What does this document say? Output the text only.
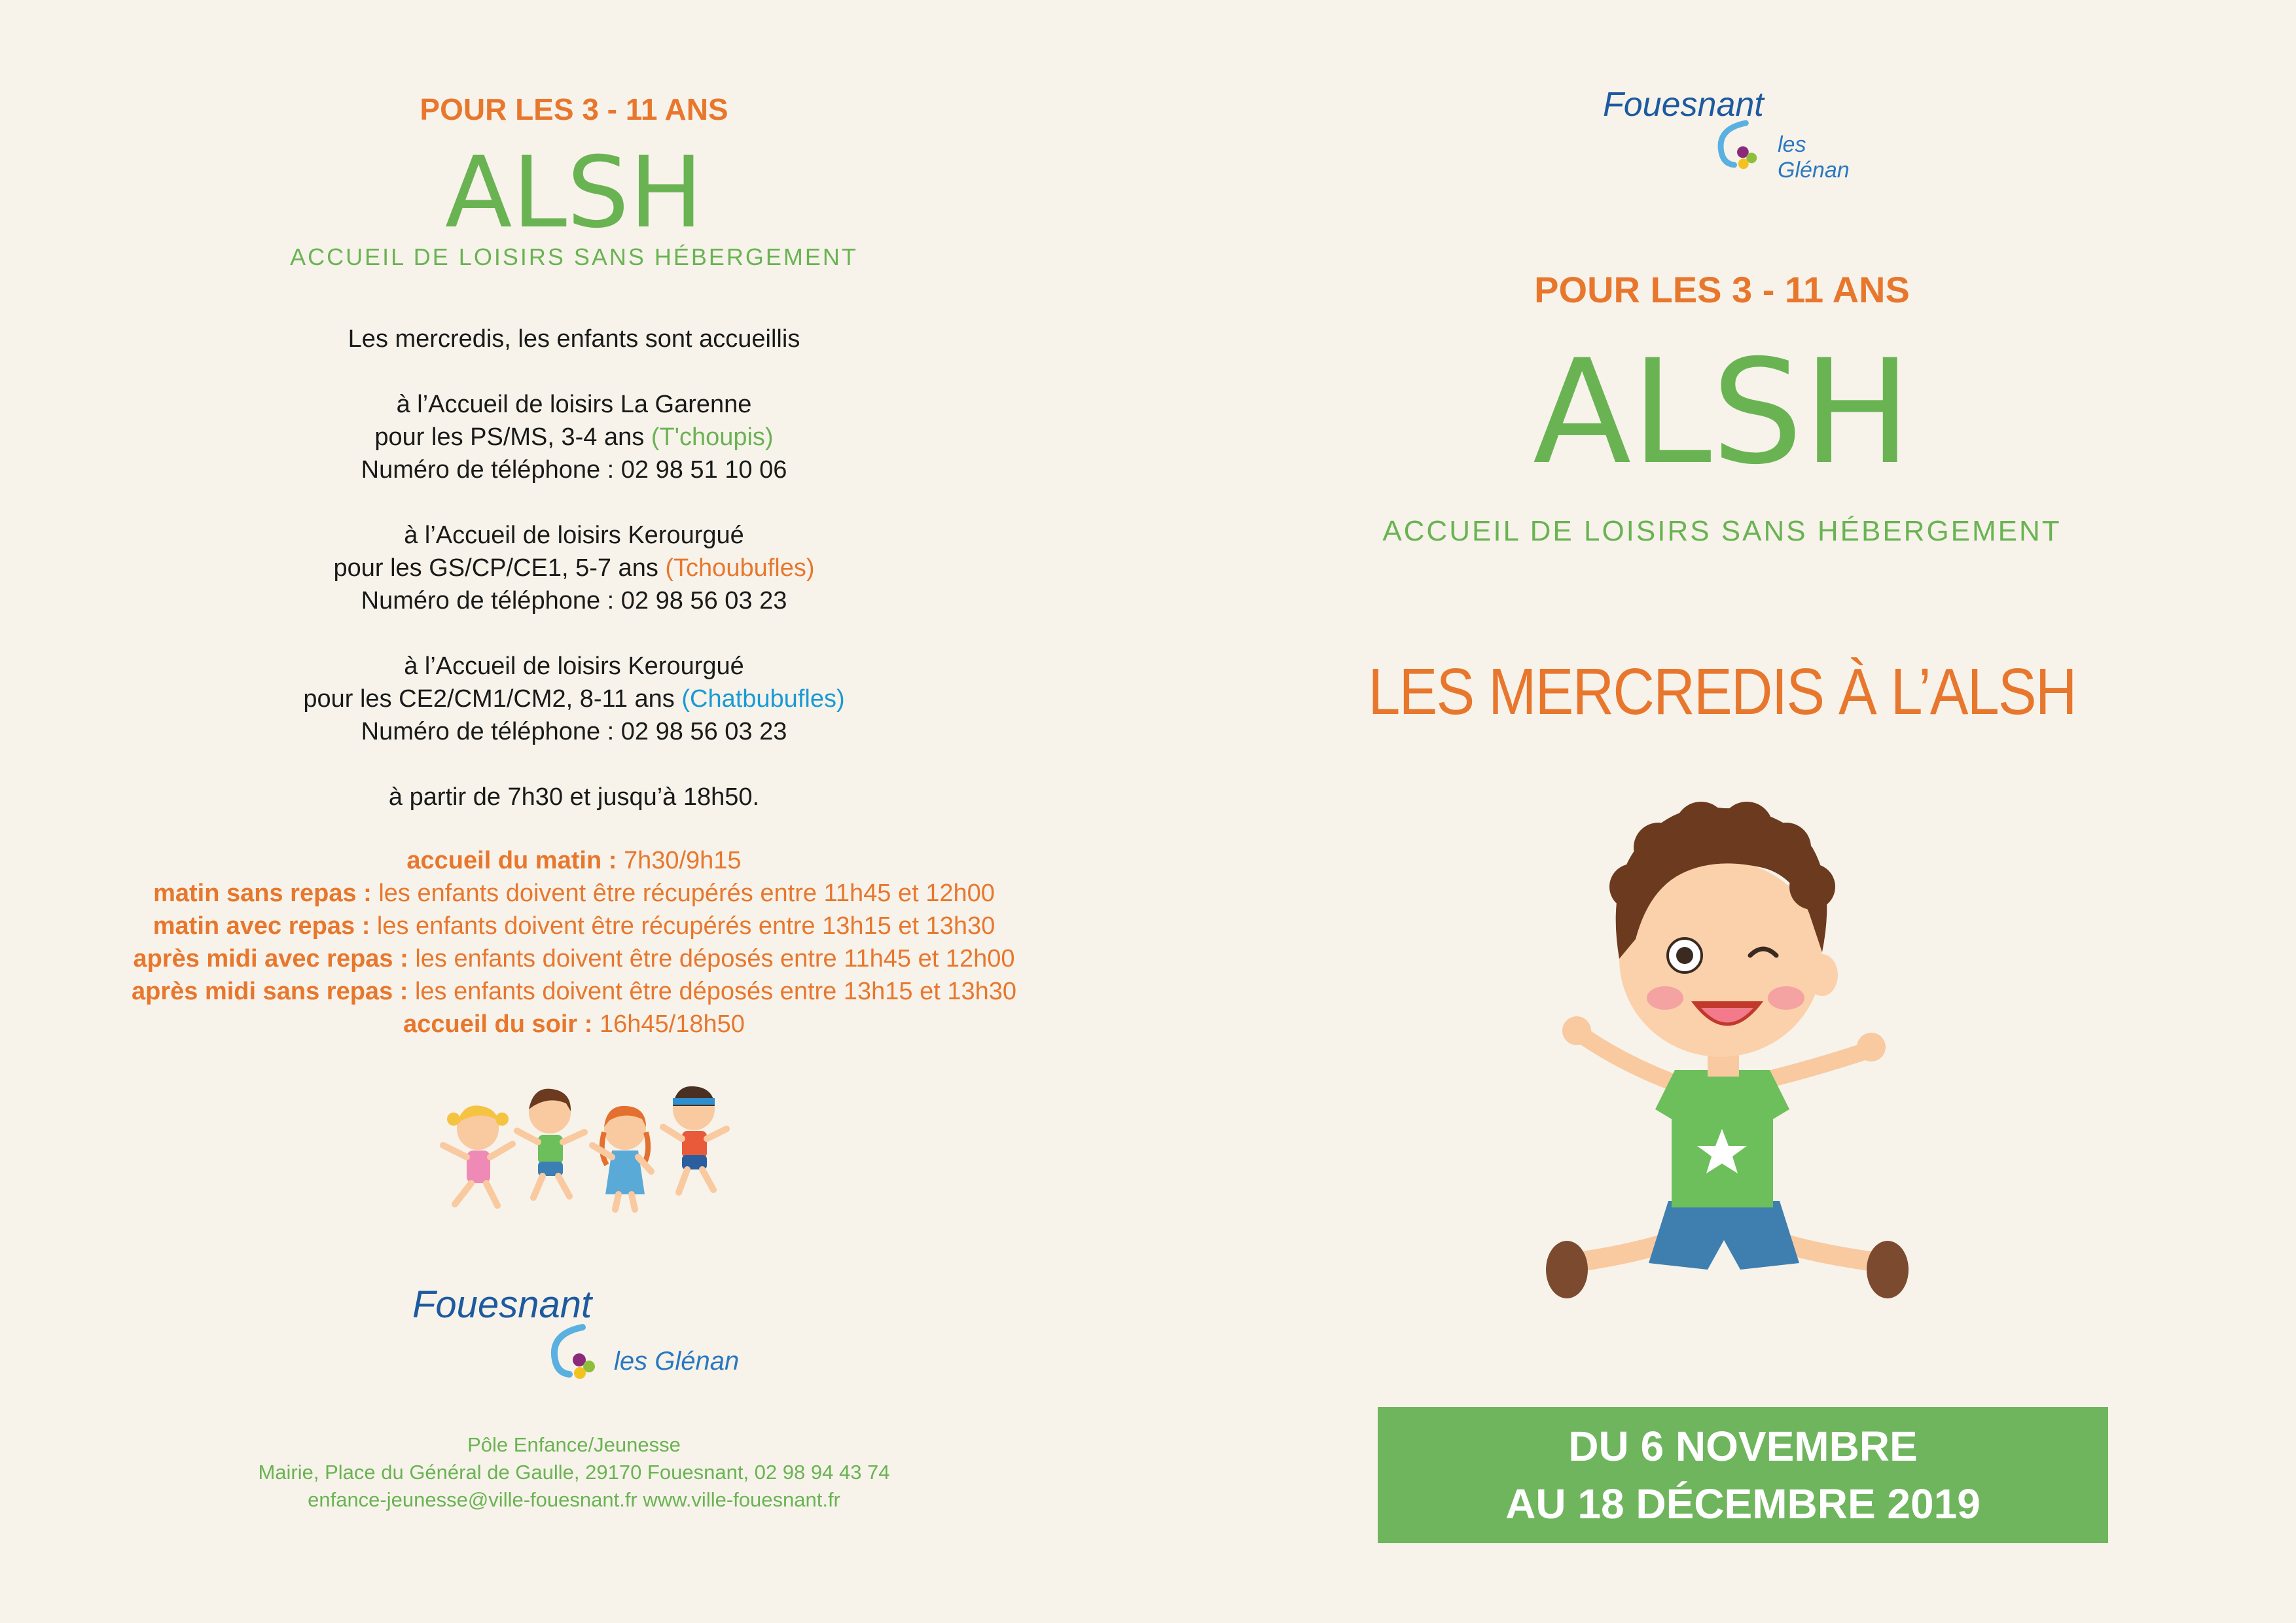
POUR LES 3 - 11 ANS
ALSH
ACCUEIL DE LOISIRS SANS HÉBERGEMENT

Les mercredis, les enfants sont accueillis

à l’Accueil de loisirs La Garenne
pour les PS/MS, 3-4 ans (T'choupis)
Numéro de téléphone : 02 98 51 10 06

à l’Accueil de loisirs Kerourgué
pour les GS/CP/CE1, 5-7 ans (Tchoubufles)
Numéro de téléphone : 02 98 56 03 23

à l’Accueil de loisirs Kerourgué
pour les CE2/CM1/CM2, 8-11 ans (Chatbubufles)
Numéro de téléphone : 02 98 56 03 23

à partir de 7h30 et jusqu’à 18h50.

accueil du matin : 7h30/9h15
matin sans repas : les enfants doivent être récupérés entre 11h45 et 12h00
matin avec repas : les enfants doivent être récupérés entre 13h15 et 13h30
après midi avec repas : les enfants doivent être déposés entre 11h45 et 12h00
après midi sans repas : les enfants doivent être déposés entre 13h15 et 13h30
accueil du soir : 16h45/18h50
Fouesnant
les Glénan
Pôle Enfance/Jeunesse
Mairie, Place du Général de Gaulle, 29170 Fouesnant, 02 98 94 43 74
enfance-jeunesse@ville-fouesnant.fr www.ville-fouesnant.fr
Fouesnant
les Glénan
POUR LES 3 - 11 ANS
ALSH
ACCUEIL DE LOISIRS SANS HÉBERGEMENT
LES MERCREDIS À L’ALSH
DU 6 NOVEMBRE
AU 18 DÉCEMBRE 2019
